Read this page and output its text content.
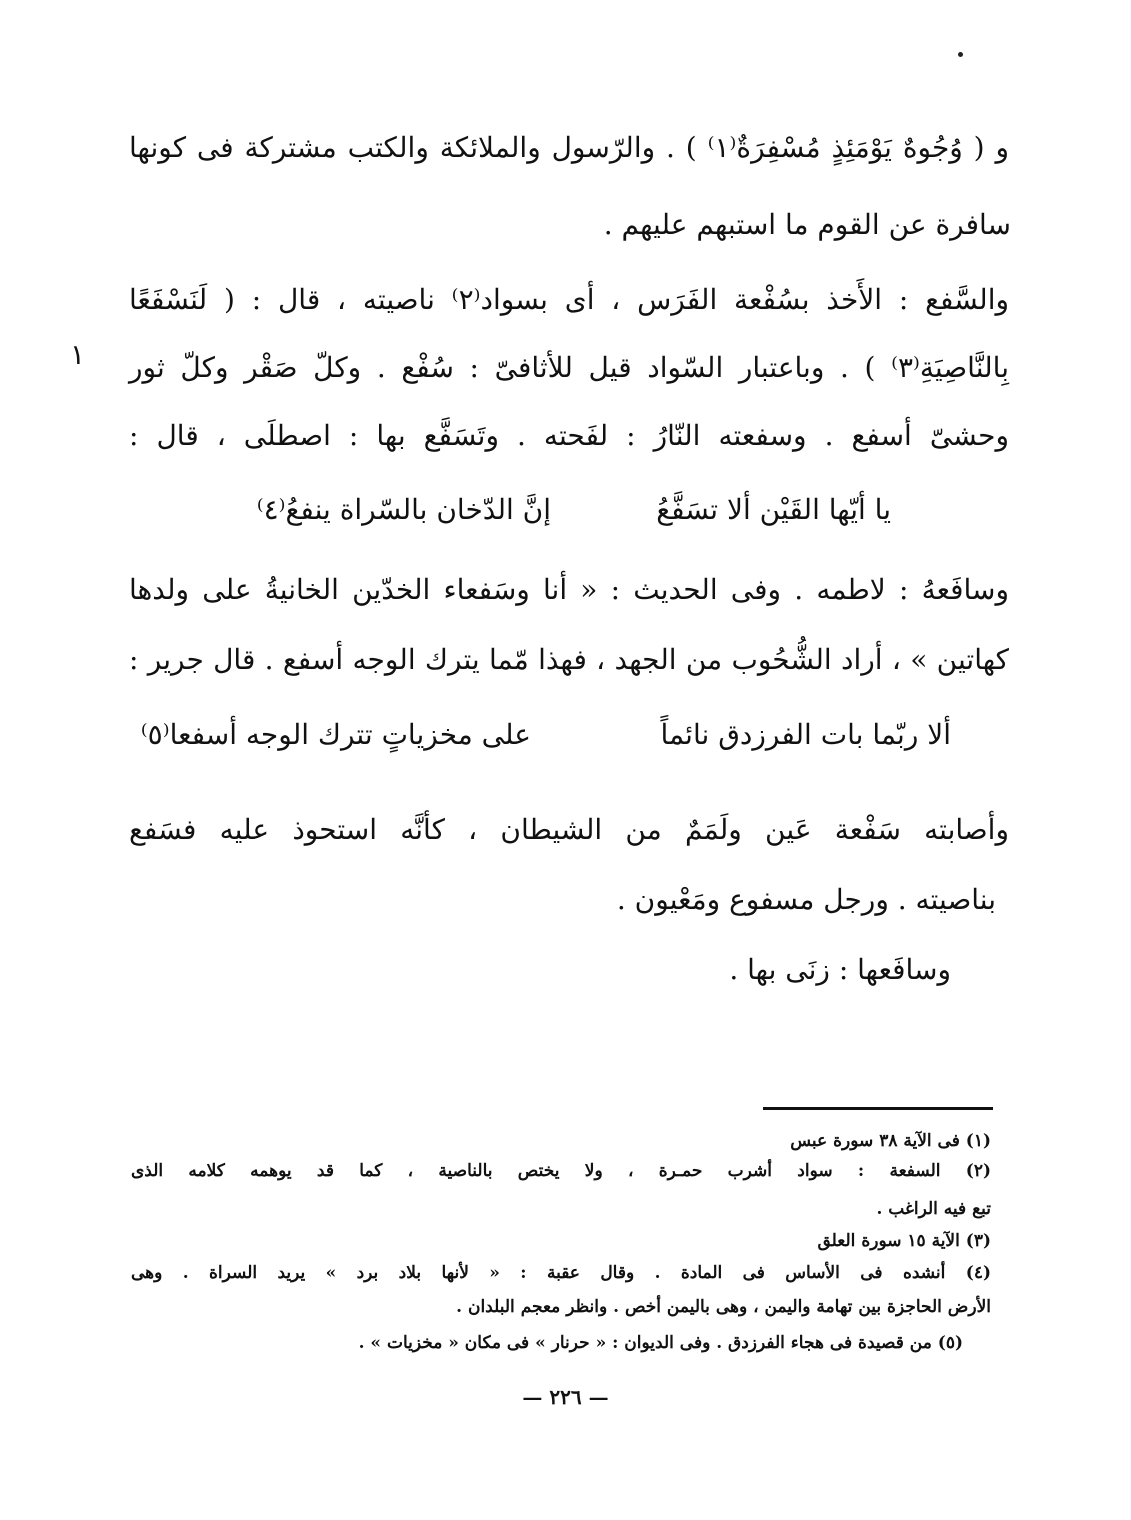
و ( وُجُوهٌ يَوْمَئِذٍ مُسْفِرَةٌ⁽١⁾ ) . والرّسول والملائكة والكتب مشتركة فى كونها
سافرة عن القوم ما استبهم عليهم .
والسَّفع : الأَخذ بسُفْعة الفَرَس ، أى بسواد⁽٢⁾ ناصيته ، قال : ( لَنَسْفَعًا
بِالنَّاصِيَةِ⁽٣⁾ ) . وباعتبار السّواد قيل للأثافىّ : سُفْع . وكلّ صَقْر وكلّ ثور
وحشىّ أسفع . وسفعته النّارُ : لفَحته . وتَسَفَّع بها : اصطلَى ، قال :
١
يا أيّها القَيْن ألا تسَفَّعُ
إنَّ الدّخان بالسّراة ينفعُ⁽٤⁾
وسافَعهُ : لاطمه . وفى الحديث : « أنا وسَفعاء الخدّين الخانيةُ على ولدها
كهاتين » ، أراد الشُّحُوب من الجهد ، فهذا مّما يترك الوجه أسفع . قال جرير :
ألا ربّما بات الفرزدق نائماً
على مخزياتٍ تترك الوجه أسفعا⁽٥⁾
وأصابته سَفْعة عَين ولَمَمٌ من الشيطان ، كأنَّه استحوذ عليه فسَفع
بناصيته . ورجل مسفوع ومَعْيون .
وسافَعها : زنَى بها .
(١) فى الآية ٣٨ سورة عبس
(٢) السفعة : سواد أشرب حمـرة ، ولا يختص بالناصية ، كما قد يوهمه كلامه الذى
تبع فيه الراغب .
(٣) الآية ١٥ سورة العلق
(٤) أنشده فى الأساس فى المادة . وقال عقبة : « لأنها بلاد برد » يريد السراة . وهى
الأرض الحاجزة بين تهامة واليمن ، وهى باليمن أخص . وانظر معجم البلدان .
(٥) من قصيدة فى هجاء الفرزدق . وفى الديوان : « حرنار » فى مكان « مخزيات » .
— ٢٢٦ —
